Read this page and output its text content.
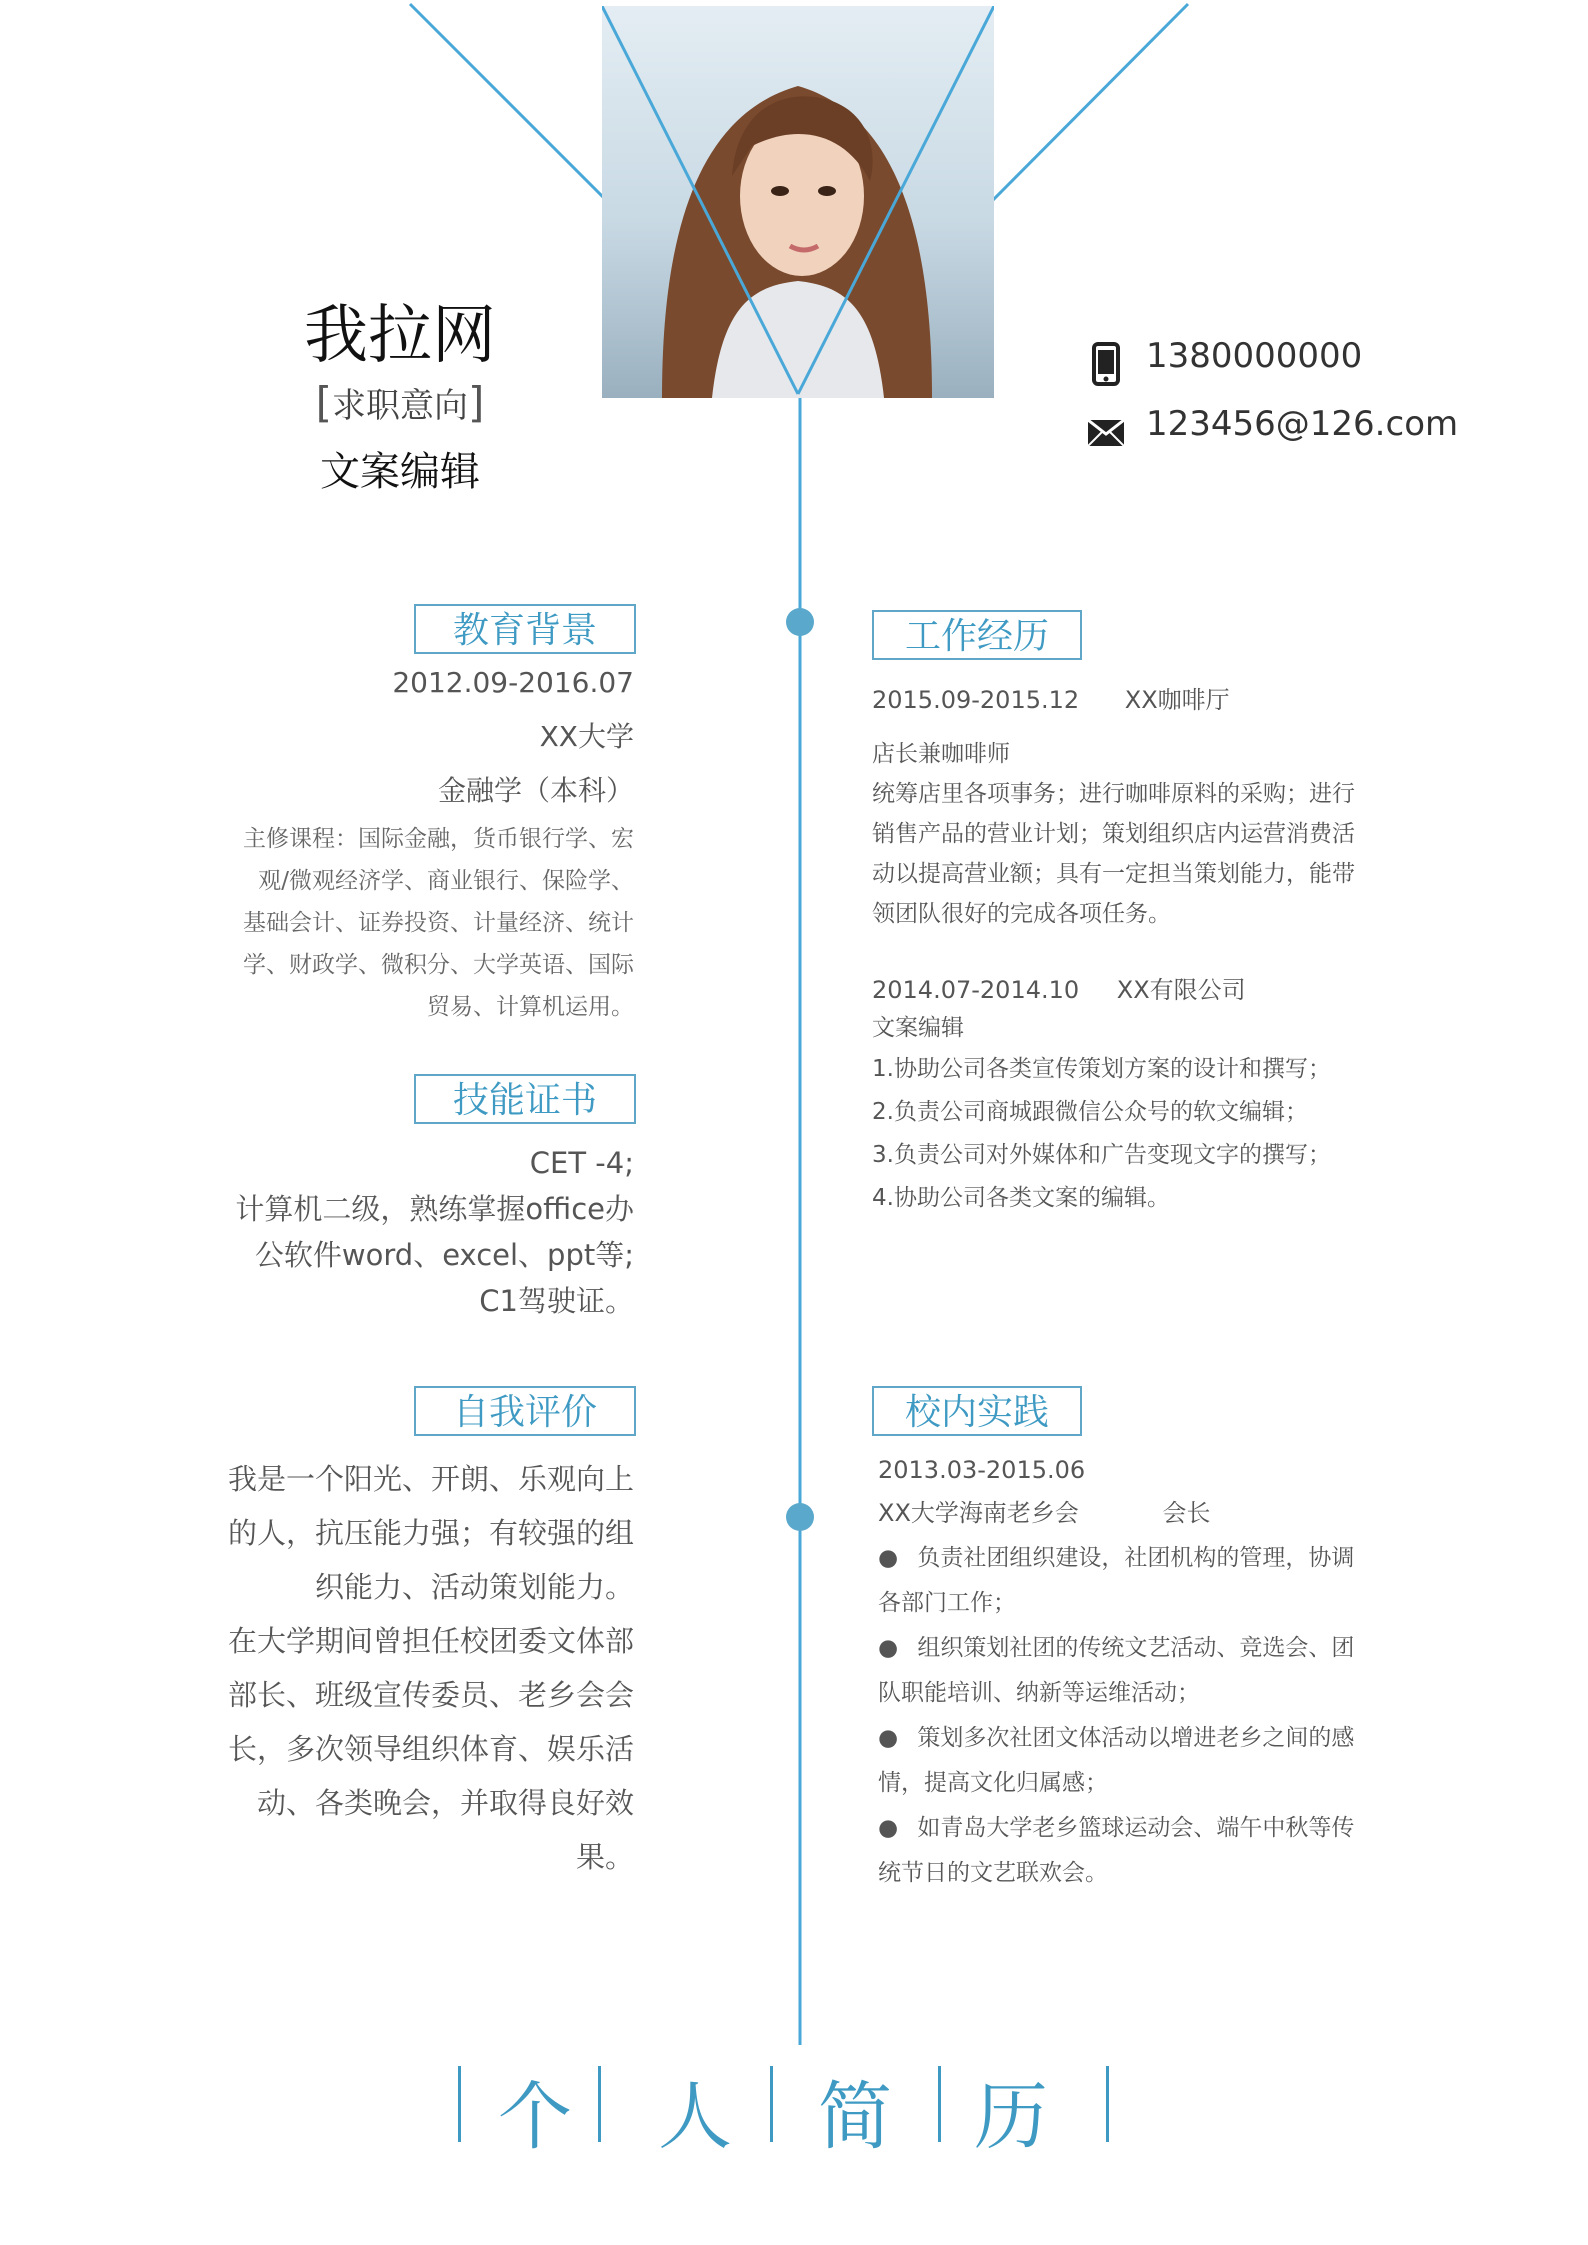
我拉网
[求职意向]
文案编辑
1380000000
123456@126.com
教育背景
2012.09-2016.07
XX大学
金融学（本科）
主修课程：国际金融，货币银行学、宏
观/微观经济学、商业银行、保险学、
基础会计、证券投资、计量经济、统计
学、财政学、微积分、大学英语、国际
贸易、计算机运用。
技能证书
CET -4;
计算机二级，熟练掌握office办
公软件word、excel、ppt等;
C1驾驶证。
自我评价
我是一个阳光、开朗、乐观向上
的人，抗压能力强；有较强的组
织能力、活动策划能力。
在大学期间曾担任校团委文体部
部长、班级宣传委员、老乡会会
长，多次领导组织体育、娱乐活
动、各类晚会，并取得良好效
果。
工作经历
2015.09-2015.12 XX咖啡厅
店长兼咖啡师
统筹店里各项事务；进行咖啡原料的采购；进行
销售产品的营业计划；策划组织店内运营消费活
动以提高营业额；具有一定担当策划能力，能带
领团队很好的完成各项任务。
2014.07-2014.10 XX有限公司
文案编辑
1.协助公司各类宣传策划方案的设计和撰写；
2.负责公司商城跟微信公众号的软文编辑；
3.负责公司对外媒体和广告变现文字的撰写；
4.协助公司各类文案的编辑。
校内实践
2013.03-2015.06
XX大学海南老乡会	会长
● 负责社团组织建设，社团机构的管理，协调
各部门工作；
● 组织策划社团的传统文艺活动、竞选会、团
队职能培训、纳新等运维活动；
● 策划多次社团文体活动以增进老乡之间的感
情，提高文化归属感；
● 如青岛大学老乡篮球运动会、端午中秋等传
统节日的文艺联欢会。
个 人 简 历
